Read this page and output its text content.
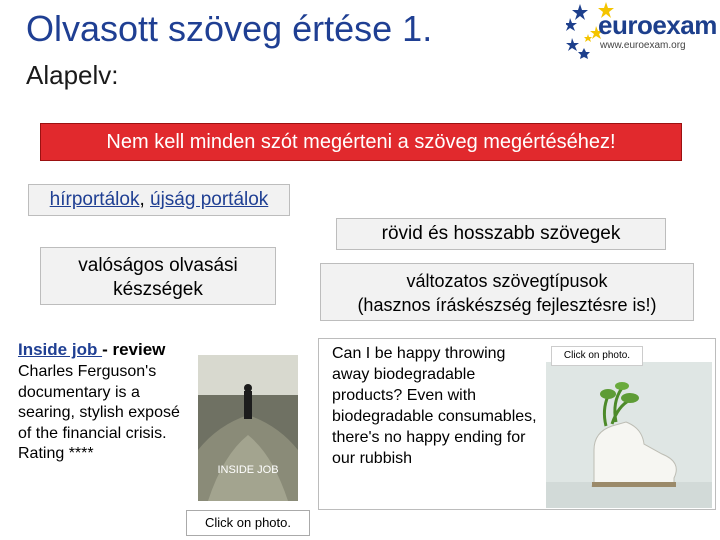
Olvasott szöveg értése 1.
Alapelv:
euroexam
www.euroexam.org
Nem kell minden szót megérteni a szöveg megértéséhez!
hírportálok, újság portálok
rövid és hosszabb szövegek
valóságos olvasási készségek	változatos szövegtípusok
(hasznos íráskészség fejlesztésre is!)
Inside job - review
Charles Ferguson's documentary is a searing, stylish exposé of the financial crisis. Rating ****
INSIDE JOB
Click on photo.
Can I be happy throwing away biodegradable products? Even with biodegradable consumables, there's no happy ending for our rubbish
Click on photo.
